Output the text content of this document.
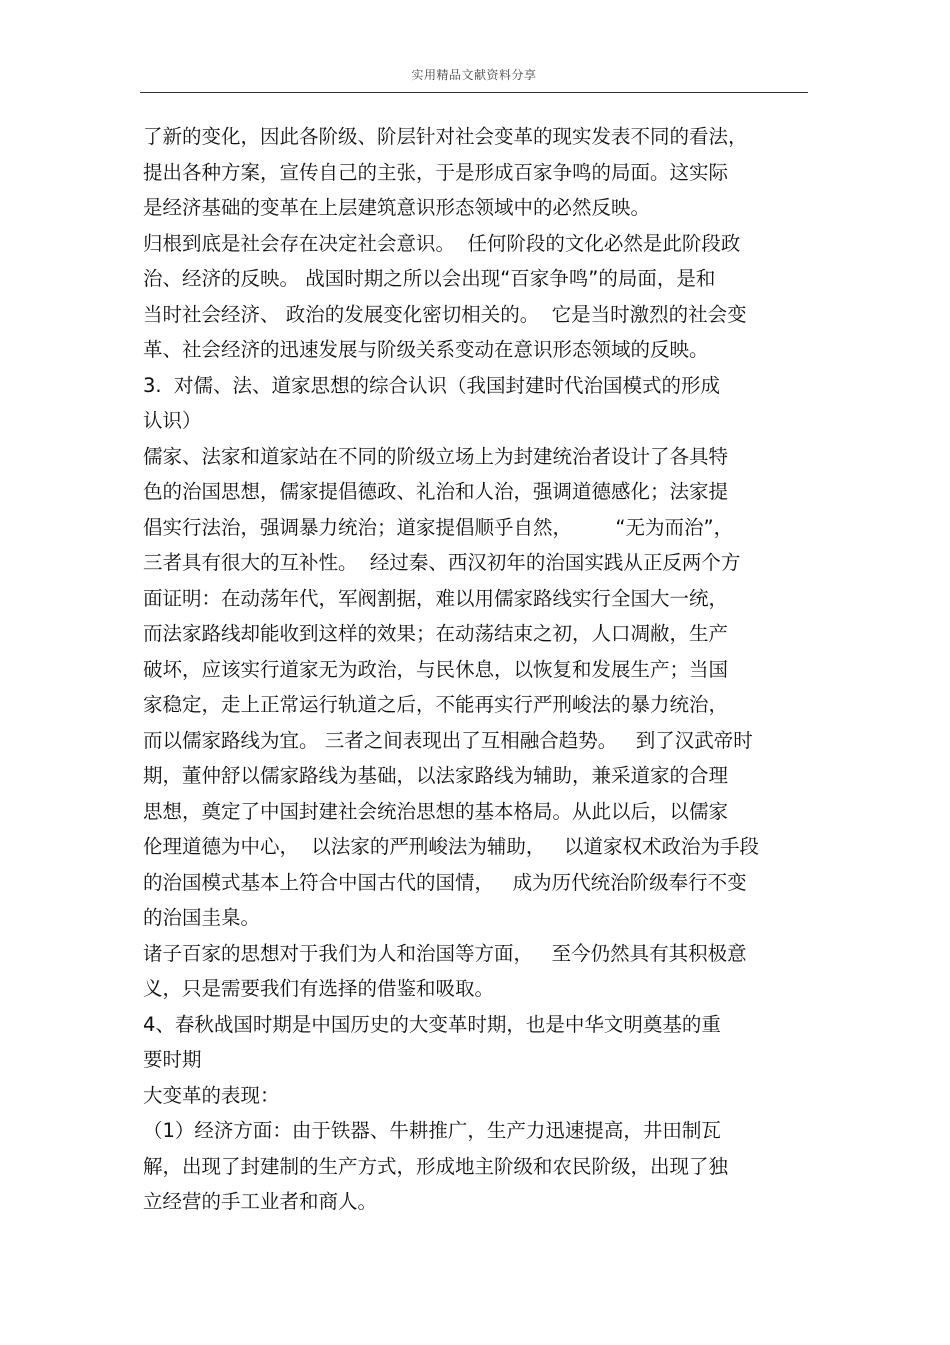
实用精品文献资料分享
了新的变化，因此各阶级、阶层针对社会变革的现实发表不同的看法，
提出各种方案，宣传自己的主张，于是形成百家争鸣的局面。这实际
是经济基础的变革在上层建筑意识形态领域中的必然反映。
归根到底是社会存在决定社会意识。  任何阶段的文化必然是此阶段政
治、经济的反映。 战国时期之所以会出现“百家争鸣”的局面，是和
当时社会经济、 政治的发展变化密切相关的。  它是当时激烈的社会变
革、社会经济的迅速发展与阶级关系变动在意识形态领域的反映。
3.  对儒、法、道家思想的综合认识（我国封建时代治国模式的形成
认识）
儒家、法家和道家站在不同的阶级立场上为封建统治者设计了各具特
色的治国思想，儒家提倡德政、礼治和人治，强调道德感化；法家提
倡实行法治，强调暴力统治；道家提倡顺乎自然，       “无为而治”，
三者具有很大的互补性。  经过秦、西汉初年的治国实践从正反两个方
面证明：在动荡年代，军阀割据，难以用儒家路线实行全国大一统，
而法家路线却能收到这样的效果；在动荡结束之初，人口凋敝，生产
破坏，应该实行道家无为政治，与民休息，以恢复和发展生产；当国
家稳定，走上正常运行轨道之后，不能再实行严刑峻法的暴力统治，
而以儒家路线为宜。 三者之间表现出了互相融合趋势。   到了汉武帝时
期，董仲舒以儒家路线为基础，以法家路线为辅助，兼采道家的合理
思想，奠定了中国封建社会统治思想的基本格局。从此以后，以儒家
伦理道德为中心，  以法家的严刑峻法为辅助，   以道家权术政治为手段
的治国模式基本上符合中国古代的国情，   成为历代统治阶级奉行不变
的治国圭臬。
诸子百家的思想对于我们为人和治国等方面，   至今仍然具有其积极意
义，只是需要我们有选择的借鉴和吸取。
4、春秋战国时期是中国历史的大变革时期，也是中华文明奠基的重
要时期
大变革的表现：
（1）经济方面：由于铁器、牛耕推广，生产力迅速提高，井田制瓦
解，出现了封建制的生产方式，形成地主阶级和农民阶级，出现了独
立经营的手工业者和商人。
